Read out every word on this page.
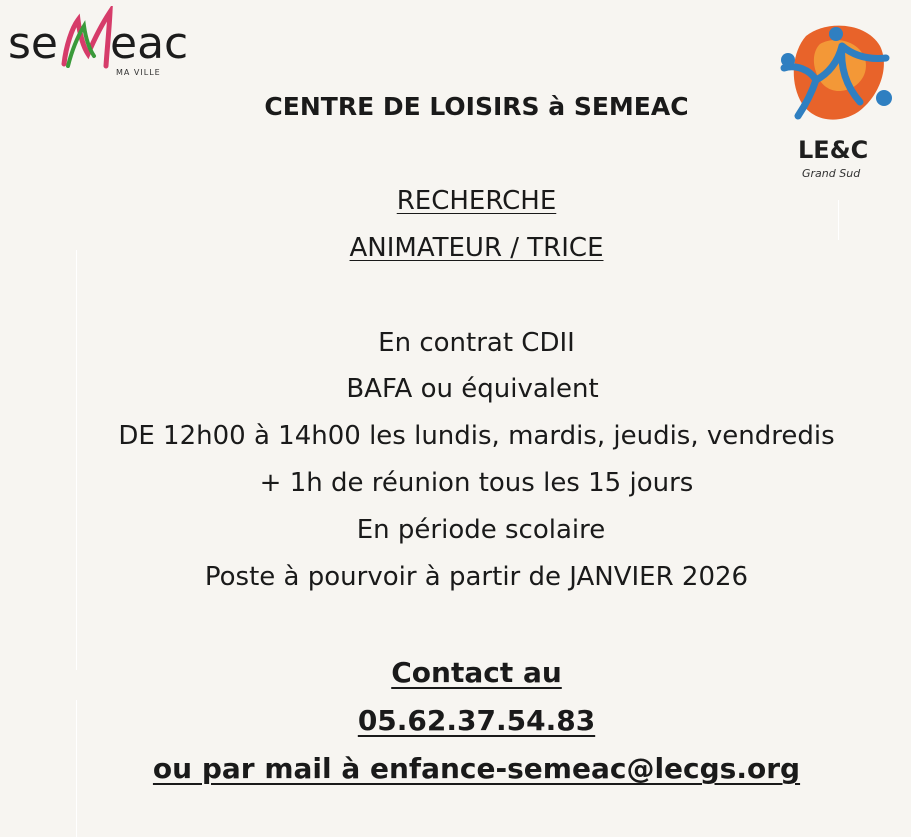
se eac
MA VILLE
LE&C
Grand Sud
CENTRE DE LOISIRS à SEMEAC
RECHERCHE
ANIMATEUR / TRICE
En contrat CDII
BAFA ou équivalent
DE 12h00 à 14h00 les lundis, mardis, jeudis, vendredis
+ 1h de réunion tous les 15 jours
En période scolaire
Poste à pourvoir à partir de JANVIER 2026
Contact au
05.62.37.54.83
ou par mail à enfance-semeac@lecgs.org
